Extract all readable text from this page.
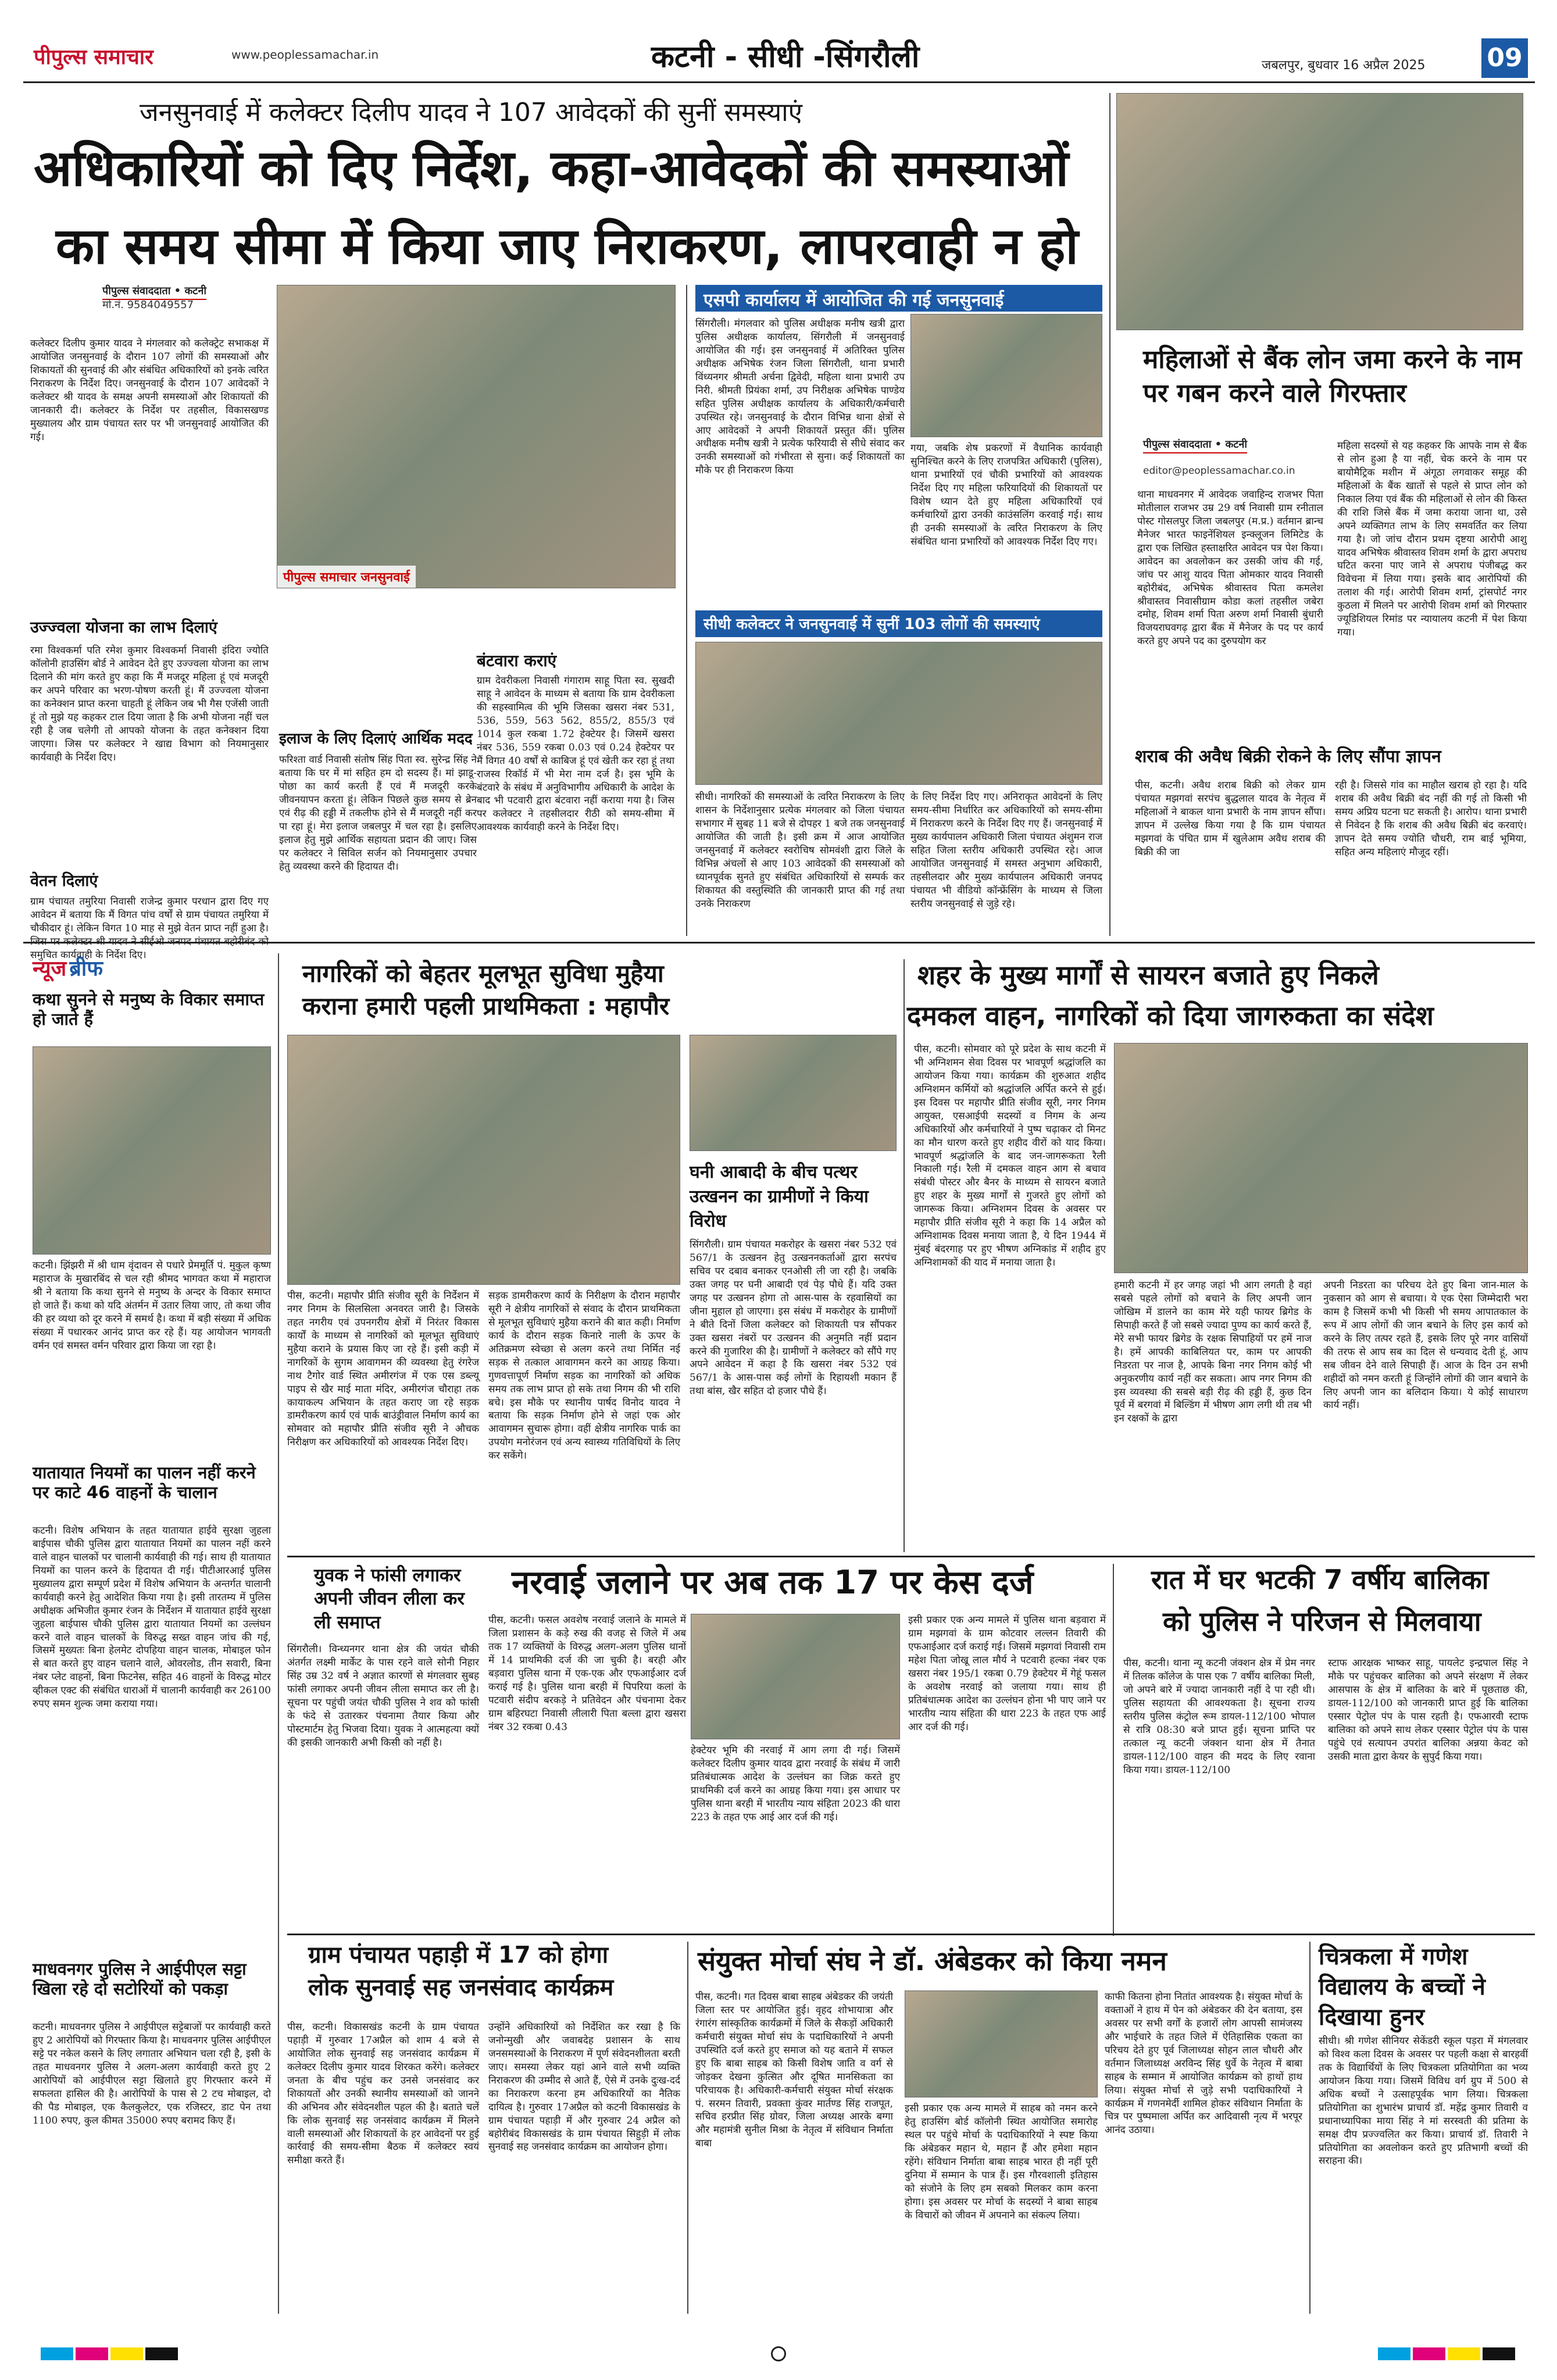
पीपुल्स समाचार	www.peoplessamachar.in	कटनी - सीधी -सिंगरौली	जबलपुर, बुधवार 16 अप्रैल 2025 09
जनसुनवाई में कलेक्टर दिलीप यादव ने 107 आवेदकों की सुनीं समस्याएं
अधिकारियों को दिए निर्देश, कहा-आवेदकों की समस्याओं
का समय सीमा में किया जाए निराकरण, लापरवाही न हो
पीपुल्स संवाददाता • कटनी
मो.नं. 9584049557
कलेक्टर दिलीप कुमार यादव ने मंगलवार को कलेक्ट्रेट सभाकक्ष में आयोजित जनसुनवाई के दौरान 107 लोगों की समस्याओं और शिकायतों की सुनवाई की और संबंधित अधिकारियों को इनके त्वरित निराकरण के निर्देश दिए। जनसुनवाई के दौरान 107 आवेदकों ने कलेक्टर श्री यादव के समक्ष अपनी समस्याओं और शिकायतों की जानकारी दी। कलेक्टर के निर्देश पर तहसील, विकासखण्ड मुख्यालय और ग्राम पंचायत स्तर पर भी जनसुनवाई आयोजित की गई।
पीपुल्स समाचार जनसुनवाई
उज्ज्वला योजना का लाभ दिलाएं
रमा विश्वकर्मा पति रमेश कुमार विश्वकर्मा निवासी इंदिरा ज्योति कॉलोनी हाउसिंग बोर्ड ने आवेदन देते हुए उज्ज्वला योजना का लाभ दिलाने की मांग करते हुए कहा कि मैं मजदूर महिला हूं एवं मजदूरी कर अपने परिवार का भरण-पोषण करती हूं। मैं उज्ज्वला योजना का कनेक्शन प्राप्त करना चाहती हूं लेकिन जब भी गैस एजेंसी जाती हूं तो मुझे यह कहकर टाल दिया जाता है कि अभी योजना नहीं चल रही है जब चलेगी तो आपको योजना के तहत कनेक्शन दिया जाएगा। जिस पर कलेक्टर ने खाद्य विभाग को नियमानुसार कार्यवाही के निर्देश दिए।
वेतन दिलाएं
ग्राम पंचायत तमुरिया निवासी राजेन्द्र कुमार परधान द्वारा दिए गए आवेदन में बताया कि मैं विगत पांच वर्षों से ग्राम पंचायत तमुरिया में चौकीदार हूं। लेकिन विगत 10 माह से मुझे वेतन प्राप्त नहीं हुआ है। समुचित कार्यवाही के निर्देश दिए।
इलाज के लिए दिलाएं आर्थिक मदद
फरिश्ता वार्ड निवासी संतोष सिंह पिता स्व. सुरेन्द्र सिंह ने बताया कि घर में मां सहित हम दो सदस्य हैं। मां झाडू-पोछा का कार्य करती हैं एवं मैं मजदूरी करके जीवनयापन करता हूं। लेकिन पिछले कुछ समय से ब्रेन एवं रीढ़ की हड्डी में तकलीफ होने से मैं मजदूरी नहीं कर पा रहा हूं। मेरा इलाज जबलपुर में चल रहा है। इसलिए इलाज हेतु मुझे आर्थिक सहायता प्रदान की जाए। जिस पर कलेक्टर ने सिविल सर्जन को नियमानुसार उपचार हेतु व्यवस्था करने की हिदायत दी।
बंटवारा कराएं
ग्राम देवरीकला निवासी गंगाराम साहू पिता स्व. सुखदी साहू ने आवेदन के माध्यम से बताया कि ग्राम देवरीकला की सहस्वामित्व की भूमि जिसका खसरा नंबर 531, 536, 559, 563 562, 855/2, 855/3 एवं 1014 कुल रकबा 1.72 हेक्टेयर है। जिसमें खसरा नंबर 536, 559 रकबा 0.03 एवं 0.24 हेक्टेयर पर मैं विगत 40 वर्षों से काबिज हूं एवं खेती कर रहा हूं तथा राजस्व रिकॉर्ड में भी मेरा नाम दर्ज है। इस भूमि के बंटवारे के संबंध में अनुविभागीय अधिकारी के आदेश के बाद भी पटवारी द्वारा बंटवारा नहीं कराया गया है। जिस पर कलेक्टर ने तहसीलदार रीठी को समय-सीमा में आवश्यक कार्यवाही करने के निर्देश दिए।
एसपी कार्यालय में आयोजित की गई जनसुनवाई
सिंगरौली। मंगलवार को पुलिस अधीक्षक मनीष खत्री द्वारा पुलिस अधीक्षक कार्यालय, सिंगरौली में जनसुनवाई आयोजित की गई। इस जनसुनवाई में अतिरिक्त पुलिस अधीक्षक अभिषेक रंजन जिला सिंगरौली, थाना प्रभारी विंध्यनगर श्रीमती अर्चना द्विवेदी, महिला थाना प्रभारी उप निरी. श्रीमती प्रियंका शर्मा, उप निरीक्षक अभिषेक पाण्डेय सहित पुलिस अधीक्षक कार्यालय के अधिकारी/कर्मचारी उपस्थित रहे। जनसुनवाई के दौरान विभिन्न थाना क्षेत्रों से आए आवेदकों ने अपनी शिकायतें प्रस्तुत कीं। पुलिस अधीक्षक मनीष खत्री ने प्रत्येक फरियादी से सीधे संवाद कर उनकी समस्याओं को गंभीरता से सुना। कई शिकायतों का मौके पर ही निराकरण किया
गया, जबकि शेष प्रकरणों में वैधानिक कार्यवाही सुनिश्चित करने के लिए राजपत्रित अधिकारी (पुलिस), थाना प्रभारियों एवं चौकी प्रभारियों को आवश्यक निर्देश दिए गए महिला फरियादियों की शिकायतों पर विशेष ध्यान देते हुए महिला अधिकारियों एवं कर्मचारियों द्वारा उनकी काउंसलिंग करवाई गई। साथ ही उनकी समस्याओं के त्वरित निराकरण के लिए संबंधित थाना प्रभारियों को आवश्यक निर्देश दिए गए।
सीधी कलेक्टर ने जनसुनवाई में सुनीं 103 लोगों की समस्याएं
सीधी। नागरिकों की समस्याओं के त्वरित निराकरण के लिए शासन के निर्देशानुसार प्रत्येक मंगलवार को जिला पंचायत सभागार में सुबह 11 बजे से दोपहर 1 बजे तक जनसुनवाई आयोजित की जाती है। इसी क्रम में आज आयोजित जनसुनवाई में कलेक्टर स्वरोचिष सोमवंशी द्वारा जिले के विभिन्न अंचलों से आए 103 आवेदकों की समस्याओं को ध्यानपूर्वक सुनते हुए संबंधित अधिकारियों से सम्पर्क कर शिकायत की वस्तुस्थिति की जानकारी प्राप्त की गई तथा उनके निराकरण
के लिए निर्देश दिए गए। अनिराकृत आवेदनों के लिए समय-सीमा निर्धारित कर अधिकारियों को समय-सीमा में निराकरण करने के निर्देश दिए गए हैं। जनसुनवाई में मुख्य कार्यपालन अधिकारी जिला पंचायत अंशुमन राज सहित जिला स्तरीय अधिकारी उपस्थित रहे। आज आयोजित जनसुनवाई में समस्त अनुभाग अधिकारी, तहसीलदार और मुख्य कार्यपालन अधिकारी जनपद पंचायत भी वीडियो कॉन्फ्रेंसिंग के माध्यम से जिला स्तरीय जनसुनवाई से जुड़े रहे।
महिलाओं से बैंक लोन जमा करने के नाम पर गबन करने वाले गिरफ्तार
पीपुल्स संवाददाता • कटनी
editor@peoplessamachar.co.in
थाना माधवनगर में आवेदक जवाहिन्द राजभर पिता मोतीलाल राजभर उम्र 29 वर्ष निवासी ग्राम रनीताल पोस्ट गोसलपुर जिला जबलपुर (म.प्र.) वर्तमान ब्रान्च मैनेजर भारत फाइनेंशियल इन्क्लूजन लिमिटेड के द्वारा एक लिखित हस्ताक्षरित आवेदन पत्र पेश किया। आवेदन का अवलोकन कर उसकी जांच की गई, जांच पर आशु यादव पिता ओमकार यादव निवासी बहोरीबंद, अभिषेक श्रीवास्तव पिता कमलेश श्रीवास्तव निवासीग्राम कोडा कलां तहसील जबेरा दमोह, शिवम शर्मा पिता अरुण शर्मा निवासी बुंधारी विजयराघवगढ़ द्वारा बैंक में मैनेजर के पद पर कार्य करते हुए अपने पद का दुरुपयोग कर
महिला सदस्यों से यह कहकर कि आपके नाम से बैंक से लोन हुआ है या नहीं, चेक करने के नाम पर बायोमैट्रिक मशीन में अंगूठा लगवाकर समूह की महिलाओं के बैंक खातों से पहले से प्राप्त लोन को निकाल लिया एवं बैंक की महिलाओं से लोन की किस्त की राशि जिसे बैंक में जमा कराया जाना था, उसे अपने व्यक्तिगत लाभ के लिए समवर्तित कर लिया गया है। जो जांच दौरान प्रथम दृष्टया आरोपी आशु यादव अभिषेक श्रीवास्तव शिवम शर्मा के द्वारा अपराध घटित करना पाए जाने से अपराध पंजीबद्ध कर विवेचना में लिया गया। इसके बाद आरोपियों की तलाश की गई। आरोपी शिवम शर्मा, ट्रांसपोर्ट नगर कुठला में मिलने पर आरोपी शिवम शर्मा को गिरफ्तार ज्यूडिशियल रिमांड पर न्यायालय कटनी में पेश किया गया।
शराब की अवैध बिक्री रोकने के लिए सौंपा ज्ञापन
पीस, कटनी। अवैध शराब बिक्री को लेकर ग्राम पंचायत मझगवां सरपंच बुद्धलाल यादव के नेतृत्व में महिलाओं ने बाकल थाना प्रभारी के नाम ज्ञापन सौंपा। ज्ञापन में उल्लेख किया गया है कि ग्राम पंचायत मझगवां के पंचित ग्राम में खुलेआम अवैध शराब की बिक्री की जा
रही है। जिससे गांव का माहौल खराब हो रहा है। यदि शराब की अवैध बिक्री बंद नहीं की गई तो किसी भी समय अप्रिय घटना घट सकती है। आरोप। थाना प्रभारी से निवेदन है कि शराब की अवैध बिक्री बंद करवाएं। ज्ञापन देते समय ज्योति चौधरी, राम बाई भूमिया, सहित अन्य महिलाएं मौजूद रहीं।
न्यूज ब्रीफ
कथा सुनने से मनुष्य के विकार समाप्त हो जाते हैं
कटनी। झिंझरी में श्री धाम वृंदावन से पधारे प्रेममूर्ति पं. मुकुल कृष्ण महाराज के मुखारबिंद से चल रही श्रीमद भागवत कथा में महाराज श्री ने बताया कि कथा सुनने से मनुष्य के अन्दर के विकार समाप्त हो जाते हैं। कथा को यदि अंतर्मन में उतार लिया जाए, तो कथा जीव की हर व्यथा को दूर करने में समर्थ है। कथा में बड़ी संख्या में अधिक संख्या में पधारकर आनंद प्राप्त कर रहे हैं। यह आयोजन भागवती वर्मन एवं समस्त वर्मन परिवार द्वारा किया जा रहा है।
यातायात नियमों का पालन नहीं करने पर काटे 46 वाहनों के चालान
कटनी। विशेष अभियान के तहत यातायात हाईवे सुरक्षा जुहला बाईपास चौकी पुलिस द्वारा यातायात नियमों का पालन नहीं करने वाले वाहन चालकों पर चालानी कार्यवाही की गई। साथ ही यातायात नियमों का पालन करने के हिदायत दी गई। पीटीआरआई पुलिस मुख्यालय द्वारा सम्पूर्ण प्रदेश में विशेष अभियान के अन्तर्गत चालानी कार्यवाही करने हेतु आदेशित किया गया है। इसी तारतम्य में पुलिस अधीक्षक अभिजीत कुमार रंजन के निर्देशन में यातायात हाईवे सुरक्षा जुहला बाईपास चौकी पुलिस द्वारा यातायात नियमों का उल्लंघन करने वाले वाहन चालकों के विरुद्ध सख्त वाहन जांच की गई, जिसमें मुख्यतः बिना हेलमेट दोपहिया वाहन चालक, मोबाइल फोन से बात करते हुए वाहन चलाने वाले, ओवरलोड, तीन सवारी, बिना नंबर प्लेट वाहनों, बिना फिटनेस, सहित 46 वाहनों के विरुद्ध मोटर व्हीकल एक्ट की संबंधित धाराओं में चालानी कार्यवाही कर 26100 रुपए समन शुल्क जमा कराया गया।
माधवनगर पुलिस ने आईपीएल सट्टा खिला रहे दो सटोरियों को पकड़ा
कटनी। माधवनगर पुलिस ने आईपीएल सट्टेबाजों पर कार्यवाही करते हुए 2 आरोपियों को गिरफ्तार किया है। माधवनगर पुलिस आईपीएल सट्टे पर नकेल कसने के लिए लगातार अभियान चला रही है, इसी के तहत माधवनगर पुलिस ने अलग-अलग कार्यवाही करते हुए 2 आरोपियों को आईपीएल सट्टा खिलाते हुए गिरफ्तार करने में सफलता हासिल की है। आरोपियों के पास से 2 टच मोबाइल, दो की पैड मोबाइल, एक कैलकुलेटर, एक रजिस्टर, डाट पेन तथा 1100 रुपए, कुल कीमत 35000 रुपए बरामद किए हैं।
नागरिकों को बेहतर मूलभूत सुविधा मुहैया
कराना हमारी पहली प्राथमिकता : महापौर
पीस, कटनी। महापौर प्रीति संजीव सूरी के निर्देशन में नगर निगम के सिलसिला अनवरत जारी है। जिसके तहत नगरीय एवं उपनगरीय क्षेत्रों में निरंतर विकास कार्यों के माध्यम से नागरिकों को मूलभूत सुविधाएं मुहैया कराने के प्रयास किए जा रहे हैं। इसी कड़ी में नागरिकों के सुगम आवागमन की व्यवस्था हेतु रंगरेज नाथ टैगोर वार्ड स्थित अमीरगंज में एक एस डब्ल्यू पाइप से खैर माई माता मंदिर, अमीरगंज चौराहा तक कायाकल्प अभियान के तहत कराए जा रहे सड़क डामरीकरण कार्य एवं पार्क बाउंड्रीवाल निर्माण कार्य का सोमवार को महापौर प्रीति संजीव सूरी ने औचक निरीक्षण कर अधिकारियों को आवश्यक निर्देश दिए।
सड़क डामरीकरण कार्य के निरीक्षण के दौरान महापौर सूरी ने क्षेत्रीय नागरिकों से संवाद के दौरान प्राथमिकता से मूलभूत सुविधाएं मुहैया कराने की बात कही। निर्माण कार्य के दौरान सड़क किनारे नाली के ऊपर के अतिक्रमण स्वेच्छा से अलग करने तथा निर्मित नई सड़क से तत्काल आवागमन करने का आग्रह किया। गुणवत्तापूर्ण निर्माण सड़क का नागरिकों को अधिक समय तक लाभ प्राप्त हो सके तथा निगम की भी राशि बचे। इस मौके पर स्थानीय पार्षद विनोद यादव ने बताया कि सड़क निर्माण होने से जहां एक ओर आवागमन सुचारू होगा। वहीं क्षेत्रीय नागरिक पार्क का उपयोग मनोरंजन एवं अन्य स्वास्थ्य गतिविधियों के लिए कर सकेंगे।
घनी आबादी के बीच पत्थर उत्खनन का ग्रामीणों ने किया विरोध
सिंगरौली। ग्राम पंचायत मकरोहर के खसरा नंबर 532 एवं 567/1 के उत्खनन हेतु उत्खननकर्ताओं द्वारा सरपंच सचिव पर दबाव बनाकर एनओसी ली जा रही है। जबकि उक्त जगह पर घनी आबादी एवं पेड़ पौधे हैं। यदि उक्त जगह पर उत्खनन होगा तो आस-पास के रहवासियों का जीना मुहाल हो जाएगा। इस संबंध में मकरोहर के ग्रामीणों ने बीते दिनों जिला कलेक्टर को शिकायती पत्र सौंपकर उक्त खसरा नंबरों पर उत्खनन की अनुमति नहीं प्रदान करने की गुजारिश की है। ग्रामीणों ने कलेक्टर को सौंपे गए अपने आवेदन में कहा है कि खसरा नंबर 532 एवं 567/1 के आस-पास कई लोगों के रिहायशी मकान हैं तथा बांस, खैर सहित दो हजार पौधे हैं।
युवक ने फांसी लगाकर अपनी जीवन लीला कर ली समाप्त
सिंगरौली। विन्ध्यनगर थाना क्षेत्र की जयंत चौकी अंतर्गत लक्ष्मी मार्केट के पास रहने वाले सोनी निहार सिंह उम्र 32 वर्ष ने अज्ञात कारणों से मंगलवार सुबह फांसी लगाकर अपनी जीवन लीला समाप्त कर ली है। सूचना पर पहुंची जयंत चौकी पुलिस ने शव को फांसी के फंदे से उतारकर पंचनामा तैयार किया और पोस्टमार्टम हेतु भिजवा दिया। युवक ने आत्महत्या क्यों की इसकी जानकारी अभी किसी को नहीं है।
शहर के मुख्य मार्गों से सायरन बजाते हुए निकले
दमकल वाहन, नागरिकों को दिया जागरुकता का संदेश
पीस, कटनी। सोमवार को पूरे प्रदेश के साथ कटनी में भी अग्निशमन सेवा दिवस पर भावपूर्ण श्रद्धांजलि का आयोजन किया गया। कार्यक्रम की शुरुआत शहीद अग्निशमन कर्मियों को श्रद्धांजलि अर्पित करने से हुई। इस दिवस पर महापौर प्रीति संजीव सूरी, नगर निगम आयुक्त, एसआईपी सदस्यों व निगम के अन्य अधिकारियों और कर्मचारियों ने पुष्प चढ़ाकर दो मिनट का मौन धारण करते हुए शहीद वीरों को याद किया। भावपूर्ण श्रद्धांजलि के बाद जन-जागरूकता रैली निकाली गई। रैली में दमकल वाहन आग से बचाव संबंधी पोस्टर और बैनर के माध्यम से सायरन बजाते हुए शहर के मुख्य मार्गों से गुजरते हुए लोगों को जागरूक किया। अग्निशमन दिवस के अवसर पर महापौर प्रीति संजीव सूरी ने कहा कि 14 अप्रैल को अग्निशामक दिवस मनाया जाता है, ये दिन 1944 में मुंबई बंदरगाह पर हुए भीषण अग्निकांड में शहीद हुए अग्निशामकों की याद में मनाया जाता है।
हमारी कटनी में हर जगह जहां भी आग लगती है वहां सबसे पहले लोगों को बचाने के लिए अपनी जान जोखिम में डालने का काम मेरे यही फायर ब्रिगेड के सिपाही करते हैं जो सबसे ज्यादा पुण्य का कार्य करते हैं, मेरे सभी फायर ब्रिगेड के रक्षक सिपाहियों पर हमें नाज है। हमें आपकी काबिलियत पर, काम पर आपकी निडरता पर नाज है, आपके बिना नगर निगम कोई भी अनुकरणीय कार्य नहीं कर सकता। आप नगर निगम की इस व्यवस्था की सबसे बड़ी रीढ़ की हड्डी हैं, कुछ दिन पूर्व में बरगवां में बिल्डिंग में भीषण आग लगी थी तब भी इन रक्षकों के द्वारा
अपनी निडरता का परिचय देते हुए बिना जान-माल के नुकसान को आग से बचाया। ये एक ऐसा जिम्मेदारी भरा काम है जिसमें कभी भी किसी भी समय आपातकाल के रूप में आप लोगों की जान बचाने के लिए इस कार्य को करने के लिए तत्पर रहते हैं, इसके लिए पूरे नगर वासियों की तरफ से आप सब का दिल से धन्यवाद देती हूं, आप सब जीवन देने वाले सिपाही हैं। आज के दिन उन सभी शहीदों को नमन करती हूं जिन्होंने लोगों की जान बचाने के लिए अपनी जान का बलिदान किया। ये कोई साधारण कार्य नहीं।
नरवाई जलाने पर अब तक 17 पर केस दर्ज
पीस, कटनी। फसल अवशेष नरवाई जलाने के मामले में जिला प्रशासन के कड़े रुख की वजह से जिले में अब तक 17 व्यक्तियों के विरुद्ध अलग-अलग पुलिस थानों में 14 प्राथमिकी दर्ज की जा चुकी है। बरही और बड़वारा पुलिस थाना में एक-एक और एफआईआर दर्ज कराई गई है। पुलिस थाना बरही में पिपरिया कलां के पटवारी संदीप बरकड़े ने प्रतिवेदन और पंचनामा देकर ग्राम बहिरघटा निवासी लीलारी पिता बल्ला द्वारा खसरा नंबर 32 रकबा 0.43
हेक्टेयर भूमि की नरवाई में आग लगा दी गई। जिसमें कलेक्टर दिलीप कुमार यादव द्वारा नरवाई के संबंध में जारी प्रतिबंधात्मक आदेश के उल्लंघन का जिक्र करते हुए प्राथमिकी दर्ज करने का आग्रह किया गया। इस आधार पर पुलिस थाना बरही में भारतीय न्याय संहिता 2023 की धारा 223 के तहत एफ आई आर दर्ज की गई।
इसी प्रकार एक अन्य मामले में पुलिस थाना बड़वारा में ग्राम मझगवां के ग्राम कोटवार लल्लन तिवारी की एफआईआर दर्ज कराई गई। जिसमें मझगवां निवासी राम महेश पिता जोखू लाल मौर्य ने पटवारी हल्का नंबर एक खसरा नंबर 195/1 रकबा 0.79 हेक्टेयर में गेहूं फसल के अवशेष नरवाई को जलाया गया। साथ ही प्रतिबंधात्मक आदेश का उल्लंघन होना भी पाए जाने पर भारतीय न्याय संहिता की धारा 223 के तहत एफ आई आर दर्ज की गई।
रात में घर भटकी 7 वर्षीय बालिका
को पुलिस ने परिजन से मिलवाया
पीस, कटनी। थाना न्यू कटनी जंक्शन क्षेत्र में प्रेम नगर में तिलक कॉलेज के पास एक 7 वर्षीय बालिका मिली, जो अपने बारे में ज्यादा जानकारी नहीं दे पा रही थी। पुलिस सहायता की आवश्यकता है। सूचना राज्य स्तरीय पुलिस कंट्रोल रूम डायल-112/100 भोपाल से रात्रि 08:30 बजे प्राप्त हुई। सूचना प्राप्ति पर तत्काल न्यू कटनी जंक्शन थाना क्षेत्र में तैनात डायल-112/100 वाहन की मदद के लिए रवाना किया गया। डायल-112/100
स्टाफ आरक्षक भाष्कर साहू, पायलेट इन्द्रपाल सिंह ने मौके पर पहुंचकर बालिका को अपने संरक्षण में लेकर आसपास के क्षेत्र में बालिका के बारे में पूछताछ की, डायल-112/100 को जानकारी प्राप्त हुई कि बालिका एस्सार पेट्रोल पंप के पास रहती है। एफआरवी स्टाफ बालिका को अपने साथ लेकर एस्सार पेट्रोल पंप के पास पहुंचे एवं सत्यापन उपरांत बालिका अन्नया केवट को उसकी माता द्वारा केयर के सुपुर्द किया गया।
ग्राम पंचायत पहाड़ी में 17 को होगा
लोक सुनवाई सह जनसंवाद कार्यक्रम
पीस, कटनी। विकासखंड कटनी के ग्राम पंचायत पहाड़ी में गुरुवार 17अप्रैल को शाम 4 बजे से आयोजित लोक सुनवाई सह जनसंवाद कार्यक्रम में कलेक्टर दिलीप कुमार यादव शिरकत करेंगे। कलेक्टर जनता के बीच पहुंच कर उनसे जनसंवाद कर शिकायतों और उनकी स्थानीय समस्याओं को जानने की अभिनव और संवेदनशील पहल की है। बताते चलें कि लोक सुनवाई सह जनसंवाद कार्यक्रम में मिलने वाली समस्याओं और शिकायतों के हर आवेदनों पर हुई कार्रवाई की समय-सीमा बैठक में कलेक्टर स्वयं समीक्षा करते हैं।
उन्होंने अधिकारियों को निर्देशित कर रखा है कि जनोन्मुखी और जवाबदेह प्रशासन के साथ जनसमस्याओं के निराकरण में पूर्ण संवेदनशीलता बरती जाए। समस्या लेकर यहां आने वाले सभी व्यक्ति निराकरण की उम्मीद से आते हैं, ऐसे में उनके दुःख-दर्द का निराकरण करना हम अधिकारियों का नैतिक दायित्व है। गुरुवार 17अप्रैल को कटनी विकासखंड के ग्राम पंचायत पहाड़ी में और गुरुवार 24 अप्रैल को बहोरीबंद विकासखंड के ग्राम पंचायत सिहुड़ी में लोक सुनवाई सह जनसंवाद कार्यक्रम का आयोजन होगा।
संयुक्त मोर्चा संघ ने डॉ. अंबेडकर को किया नमन
पीस, कटनी। गत दिवस बाबा साहब अंबेडकर की जयंती जिला स्तर पर आयोजित हुई। वृहद शोभायात्रा और रंगारंग सांस्कृतिक कार्यक्रमों में जिले के सैकड़ों अधिकारी कर्मचारी संयुक्त मोर्चा संघ के पदाधिकारियों ने अपनी उपस्थिति दर्ज करते हुए समाज को यह बताने में सफल हुए कि बाबा साहब को किसी विशेष जाति व वर्ग से जोड़कर देखना कुत्सित और दूषित मानसिकता का परिचायक है। अधिकारी-कर्मचारी संयुक्त मोर्चा संरक्षक पं. सरमन तिवारी, प्रवक्ता कुंवर मार्तण्ड सिंह राजपूत, सचिव हरप्रीत सिंह ग्रोवर, जिला अध्यक्ष आरके बग्गा और महामंत्री सुनील मिश्रा के नेतृत्व में संविधान निर्माता बाबा
इसी प्रकार एक अन्य मामले में साहब को नमन करने हेतु हाउसिंग बोर्ड कॉलोनी स्थित आयोजित समारोह स्थल पर पहुंचे मोर्चा के पदाधिकारियों ने स्पष्ट किया कि अंबेडकर महान थे, महान हैं और हमेशा महान रहेंगे। संविधान निर्माता बाबा साहब भारत ही नहीं पूरी दुनिया में सम्मान के पात्र हैं। इस गौरवशाली इतिहास को संजोने के लिए हम सबको मिलकर काम करना होगा। इस अवसर पर मोर्चा के सदस्यों ने बाबा साहब के विचारों को जीवन में अपनाने का संकल्प लिया।
काफी कितना होना नितांत आवश्यक है। संयुक्त मोर्चा के वक्ताओं ने हाथ में पेन को अंबेडकर की देन बताया, इस अवसर पर सभी वर्गों के हजारों लोग आपसी सामंजस्य और भाईचारे के तहत जिले में ऐतिहासिक एकता का परिचय देते हुए पूर्व जिलाध्यक्ष सोहन लाल चौधरी और वर्तमान जिलाध्यक्ष अरविन्द सिंह धुर्वे के नेतृत्व में बाबा साहब के सम्मान में आयोजित कार्यक्रम को हाथों हाथ लिया। संयुक्त मोर्चा से जुड़े सभी पदाधिकारियों ने कार्यक्रम में गणनमेर्दी शामिल होकर संविधान निर्माता के चित्र पर पुष्पमाला अर्पित कर आदिवासी नृत्य में भरपूर आनंद उठाया।
चित्रकला में गणेश विद्यालय के बच्चों ने दिखाया हुनर
सीधी। श्री गणेश सीनियर सेकेंडरी स्कूल पड़रा में मंगलवार को विश्व कला दिवस के अवसर पर पहली कक्षा से बारहवीं तक के विद्यार्थियों के लिए चित्रकला प्रतियोगिता का भव्य आयोजन किया गया। जिसमें विविध वर्ग ग्रुप में 500 से अधिक बच्चों ने उत्साहपूर्वक भाग लिया। चित्रकला प्रतियोगिता का शुभारंभ प्राचार्य डॉ. महेंद्र कुमार तिवारी व प्रधानाध्यापिका माया सिंह ने मां सरस्वती की प्रतिमा के समक्ष दीप प्रज्ज्वलित कर किया। प्राचार्य डॉ. तिवारी ने प्रतियोगिता का अवलोकन करते हुए प्रतिभागी बच्चों की सराहना की।
